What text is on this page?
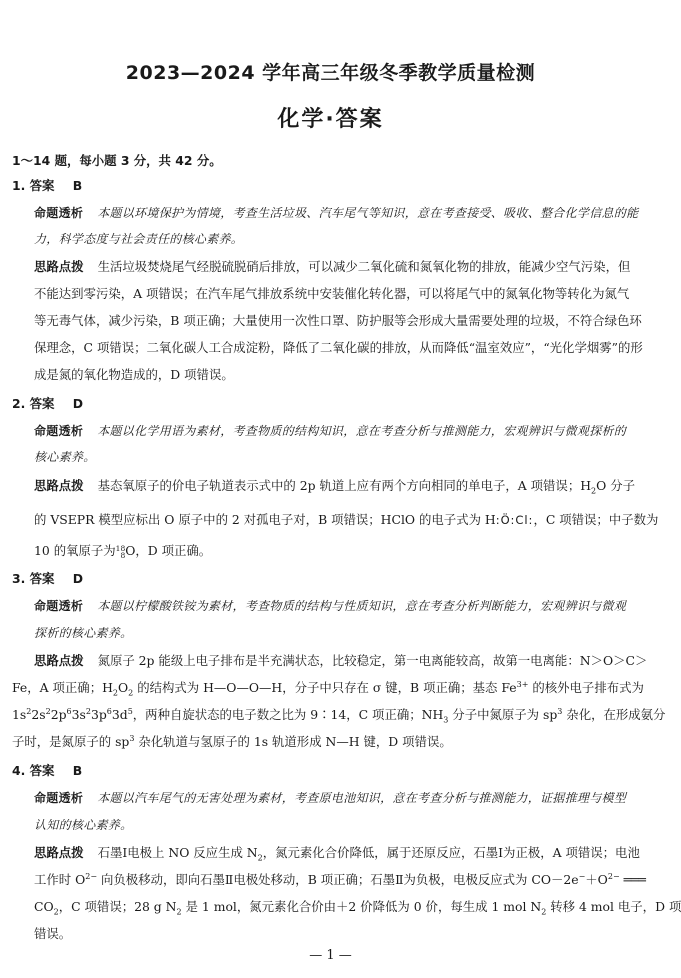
2023—2024 学年高三年级冬季教学质量检测
化学·答案
1～14 题，每小题 3 分，共 42 分。
1. 答案 B
命题透析 本题以环境保护为情境，考查生活垃圾、汽车尾气等知识，意在考查接受、吸收、整合化学信息的能
力，科学态度与社会责任的核心素养。
思路点拨 生活垃圾焚烧尾气经脱硫脱硝后排放，可以减少二氧化硫和氮氧化物的排放，能减少空气污染，但
不能达到零污染，A 项错误；在汽车尾气排放系统中安装催化转化器，可以将尾气中的氮氧化物等转化为氮气
等无毒气体，减少污染，B 项正确；大量使用一次性口罩、防护服等会形成大量需要处理的垃圾，不符合绿色环
保理念，C 项错误；二氧化碳人工合成淀粉，降低了二氧化碳的排放，从而降低“温室效应”，“光化学烟雾”的形
成是氮的氧化物造成的，D 项错误。
2. 答案 D
命题透析 本题以化学用语为素材，考查物质的结构知识，意在考查分析与推测能力，宏观辨识与微观探析的
核心素养。
思路点拨 基态氧原子的价电子轨道表示式中的 2p 轨道上应有两个方向相同的单电子，A 项错误；$H_2O$ 分子
的 VSEPR 模型应标出 O 原子中的 2 对孤电子对，B 项错误；HClO 的电子式为 H:Ö:Cl:，C 项错误；中子数为
10 的氧原子为 18
8 O，D 项正确。
3. 答案 D
命题透析 本题以柠檬酸铁铵为素材，考查物质的结构与性质知识，意在考查分析判断能力，宏观辨识与微观
探析的核心素养。
思路点拨 氮原子 2p 能级上电子排布是半充满状态，比较稳定，第一电离能较高，故第一电离能：N＞O＞C＞
Fe，A 项正确；$H_2O_2$ 的结构式为 H—O—O—H，分子中只存在 σ 键，B 项正确；基态 $Fe^{3+}$ 的核外电子排布式为
$1s^22s^22p^63s^23p^63d^5$，两种自旋状态的电子数之比为 9∶14，C 项正确；$NH_3$ 分子中氮原子为 $sp^3$ 杂化，在形成氨分
子时，是氮原子的 $sp^3$ 杂化轨道与氢原子的 1s 轨道形成 N—H 键，D 项错误。
4. 答案 B
命题透析 本题以汽车尾气的无害处理为素材，考查原电池知识，意在考查分析与推测能力，证据推理与模型
认知的核心素养。
思路点拨 石墨Ⅰ电极上 NO 反应生成 $N_2$，氮元素化合价降低，属于还原反应，石墨Ⅰ为正极，A 项错误；电池
工作时 $O^{2-}$ 向负极移动，即向石墨Ⅱ电极处移动，B 项正确；石墨Ⅱ为负极，电极反应式为 $CO-2e^-+O^{2-}$ ═══
$CO_2$，C 项错误；28 g $N_2$ 是 1 mol，氮元素化合价由＋2 价降低为 0 价，每生成 1 mol $N_2$ 转移 4 mol 电子，D 项
错误。
— 1 —
